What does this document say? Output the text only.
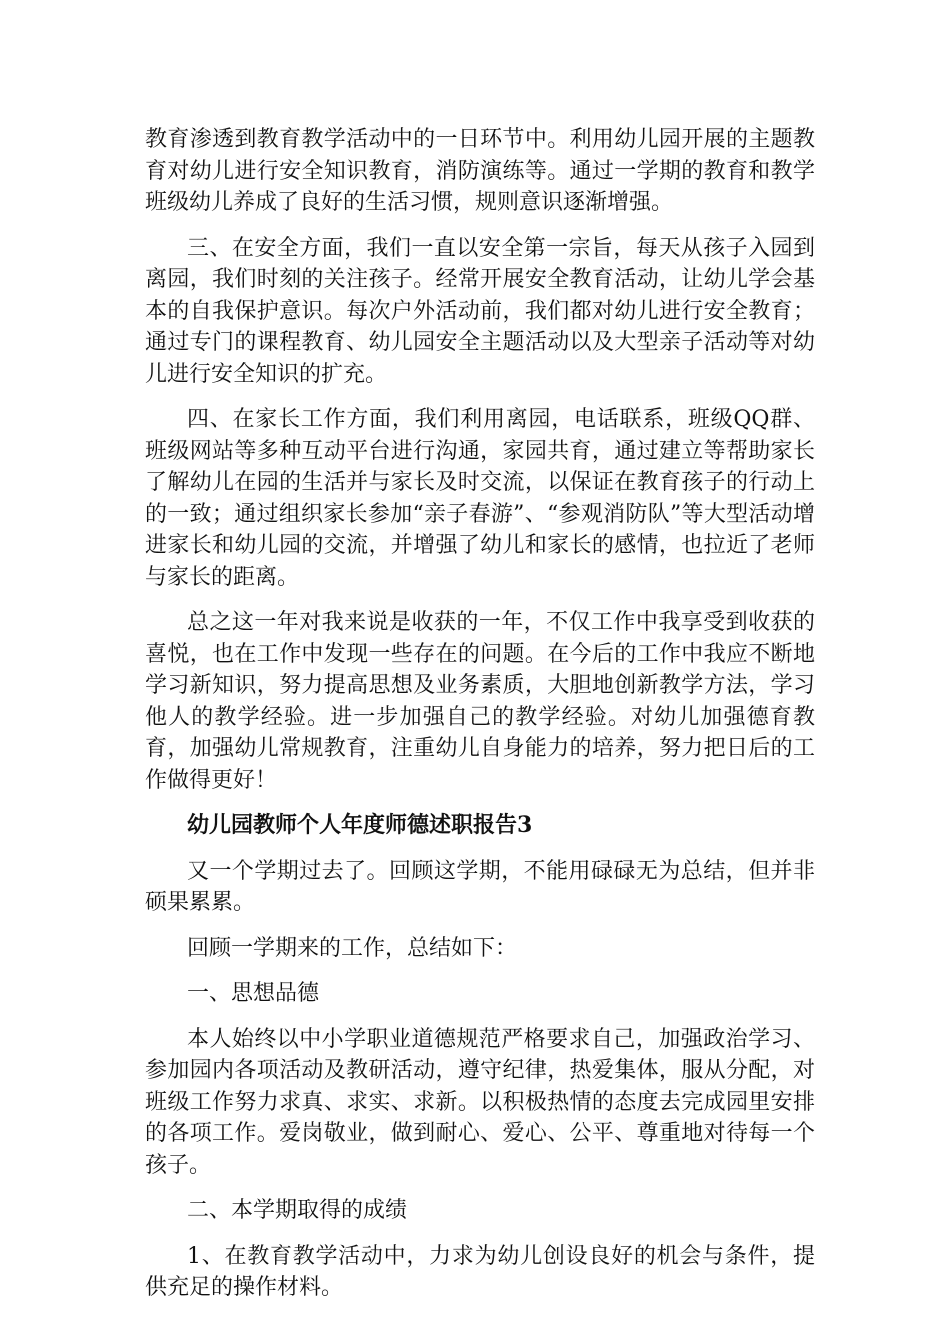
教育渗透到教育教学活动中的一日环节中。利用幼儿园开展的主题教育对幼儿进行安全知识教育，消防演练等。通过一学期的教育和教学班级幼儿养成了良好的生活习惯，规则意识逐渐增强。

三、在安全方面，我们一直以安全第一宗旨，每天从孩子入园到离园，我们时刻的关注孩子。经常开展安全教育活动，让幼儿学会基本的自我保护意识。每次户外活动前，我们都对幼儿进行安全教育；通过专门的课程教育、幼儿园安全主题活动以及大型亲子活动等对幼儿进行安全知识的扩充。

四、在家长工作方面，我们利用离园，电话联系，班级QQ群、班级网站等多种互动平台进行沟通，家园共育，通过建立等帮助家长了解幼儿在园的生活并与家长及时交流，以保证在教育孩子的行动上的一致；通过组织家长参加“亲子春游”、“参观消防队”等大型活动增进家长和幼儿园的交流，并增强了幼儿和家长的感情，也拉近了老师与家长的距离。

总之这一年对我来说是收获的一年，不仅工作中我享受到收获的喜悦，也在工作中发现一些存在的问题。在今后的工作中我应不断地学习新知识，努力提高思想及业务素质，大胆地创新教学方法，学习他人的教学经验。进一步加强自己的教学经验。对幼儿加强德育教育，加强幼儿常规教育，注重幼儿自身能力的培养，努力把日后的工作做得更好！

幼儿园教师个人年度师德述职报告3

又一个学期过去了。回顾这学期，不能用碌碌无为总结，但并非硕果累累。

回顾一学期来的工作，总结如下：

一、思想品德

本人始终以中小学职业道德规范严格要求自己，加强政治学习、参加园内各项活动及教研活动，遵守纪律，热爱集体，服从分配，对班级工作努力求真、求实、求新。以积极热情的态度去完成园里安排的各项工作。爱岗敬业，做到耐心、爱心、公平、尊重地对待每一个孩子。

二、本学期取得的成绩

1、在教育教学活动中，力求为幼儿创设良好的机会与条件，提供充足的操作材料。
